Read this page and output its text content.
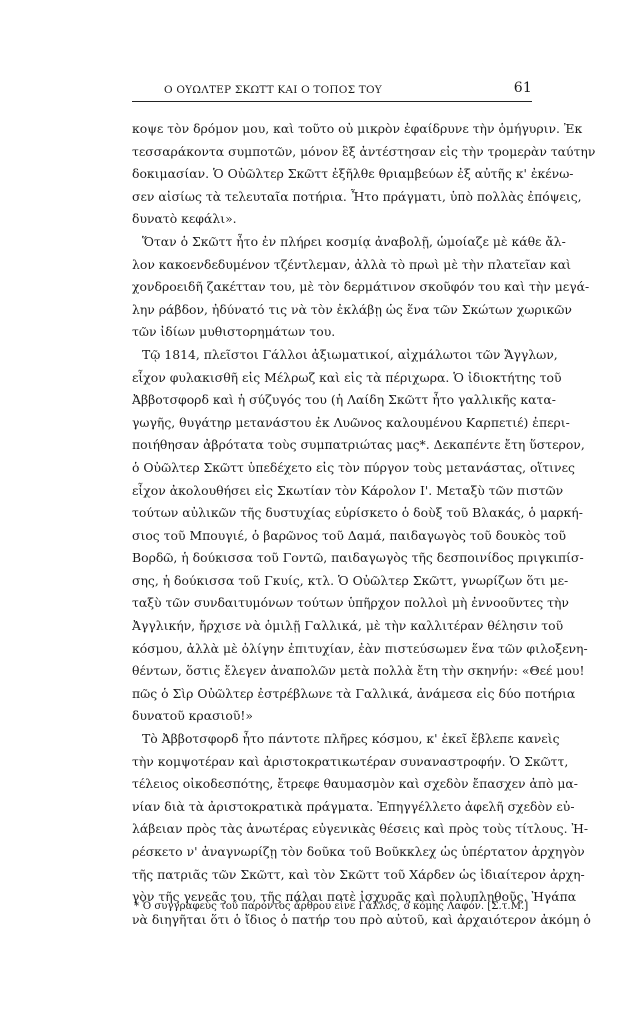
Ο ΟΥΩΛΤΕΡ ΣΚΩΤΤ ΚΑΙ Ο ΤΟΠΟΣ ΤΟΥ	61
κοψε τὸν δρόμον μου, καὶ τοῦτο οὐ μικρὸν ἐφαίδρυνε τὴν ὁμήγυριν. Ἐκ
τεσσαράκοντα συμποτῶν, μόνον ἓξ ἀντέστησαν εἰς τὴν τρομερὰν ταύτην
δοκιμασίαν. Ὁ Οὐῶλτερ Σκῶττ ἐξῆλθε θριαμβεύων ἐξ αὐτῆς κ' ἐκένω-
σεν αἰσίως τὰ τελευταῖα ποτήρια. Ἦτο πράγματι, ὑπὸ πολλὰς ἐπόψεις,
δυνατὸ κεφάλι».
Ὅταν ὁ Σκῶττ ἦτο ἐν πλήρει κοσμίᾳ ἀναβολῇ, ὡμοίαζε μὲ κάθε ἄλ-
λον κακοενδεδυμένον τζέντλεμαν, ἀλλὰ τὸ πρωὶ μὲ τὴν πλατεῖαν καὶ
χονδροειδῆ ζακέτταν του, μὲ τὸν δερμάτινον σκοῦφόν του καὶ τὴν μεγά-
λην ράβδον, ἠδύνατό τις νὰ τὸν ἐκλάβῃ ὡς ἕνα τῶν Σκώτων χωρικῶν
τῶν ἰδίων μυθιστορημάτων του.
Τῷ 1814, πλεῖστοι Γάλλοι ἀξιωματικοί, αἰχμάλωτοι τῶν Ἄγγλων,
εἶχον φυλακισθῆ εἰς Μέλρωζ καὶ εἰς τὰ πέριχωρα. Ὁ ἰδιοκτήτης τοῦ
Ἀββοτσφορδ καὶ ἡ σύζυγός του (ἡ Λαίδη Σκῶττ ἦτο γαλλικῆς κατα-
γωγῆς, θυγάτηρ μετανάστου ἐκ Λυῶνος καλουμένου Καρπετιέ) ἐπερι-
ποιήθησαν ἀβρότατα τοὺς συμπατριώτας μας*. Δεκαπέντε ἔτη ὕστερον,
ὁ Οὐῶλτερ Σκῶττ ὑπεδέχετο εἰς τὸν πύργον τοὺς μετανάστας, οἵτινες
εἶχον ἀκολουθήσει εἰς Σκωτίαν τὸν Κάρολον Ι'. Μεταξὺ τῶν πιστῶν
τούτων αὐλικῶν τῆς δυστυχίας εὑρίσκετο ὁ δοὺξ τοῦ Βλακάς, ὁ μαρκή-
σιος τοῦ Μπουγιέ, ὁ βαρῶνος τοῦ Δαμά, παιδαγωγὸς τοῦ δουκὸς τοῦ
Βορδῶ, ἡ δούκισσα τοῦ Γοντῶ, παιδαγωγὸς τῆς δεσποινίδος πριγκιπίσ-
σης, ἡ δούκισσα τοῦ Γκυίς, κτλ. Ὁ Οὐῶλτερ Σκῶττ, γνωρίζων ὅτι με-
ταξὺ τῶν συνδαιτυμόνων τούτων ὑπῆρχον πολλοὶ μὴ ἐννοοῦντες τὴν
Ἀγγλικήν, ἤρχισε νὰ ὁμιλῇ Γαλλικά, μὲ τὴν καλλιτέραν θέλησιν τοῦ
κόσμου, ἀλλὰ μὲ ὀλίγην ἐπιτυχίαν, ἐὰν πιστεύσωμεν ἕνα τῶν φιλοξενη-
θέντων, ὅστις ἔλεγεν ἀναπολῶν μετὰ πολλὰ ἔτη τὴν σκηνήν: «Θεέ μου!
πῶς ὁ Σὶρ Οὐῶλτερ ἐστρέβλωνε τὰ Γαλλικά, ἀνάμεσα εἰς δύο ποτήρια
δυνατοῦ κρασιοῦ!»
Τὸ Ἀββοτσφορδ ἦτο πάντοτε πλῆρες κόσμου, κ' ἐκεῖ ἔβλεπε κανεὶς
τὴν κομψοτέραν καὶ ἀριστοκρατικωτέραν συναναστροφήν. Ὁ Σκῶττ,
τέλειος οἰκοδεσπότης, ἔτρεφε θαυμασμὸν καὶ σχεδὸν ἔπασχεν ἀπὸ μα-
νίαν διὰ τὰ ἀριστοκρατικὰ πράγματα. Ἐπηγγέλλετο ἀφελῆ σχεδὸν εὐ-
λάβειαν πρὸς τὰς ἀνωτέρας εὐγενικὰς θέσεις καὶ πρὸς τοὺς τίτλους. Ἠ-
ρέσκετο ν' ἀναγνωρίζῃ τὸν δοῦκα τοῦ Βοῦκκλεχ ὡς ὑπέρτατον ἀρχηγὸν
τῆς πατριᾶς τῶν Σκῶττ, καὶ τὸν Σκῶττ τοῦ Χάρδεν ὡς ἰδιαίτερον ἀρχη-
γὸν τῆς γενεᾶς του, τῆς πάλαι ποτὲ ἰσχυρᾶς καὶ πολυπληθοῦς. Ἠγάπα
νὰ διηγῆται ὅτι ὁ ἴδιος ὁ πατήρ του πρὸ αὐτοῦ, καὶ ἀρχαιότερον ἀκόμη ὁ
* Ὁ συγγραφεὺς τοῦ παρόντος ἄρθρου εἶνε Γάλλος, ὁ κόμης Λαφόν. [Σ.τ.Μ.]
